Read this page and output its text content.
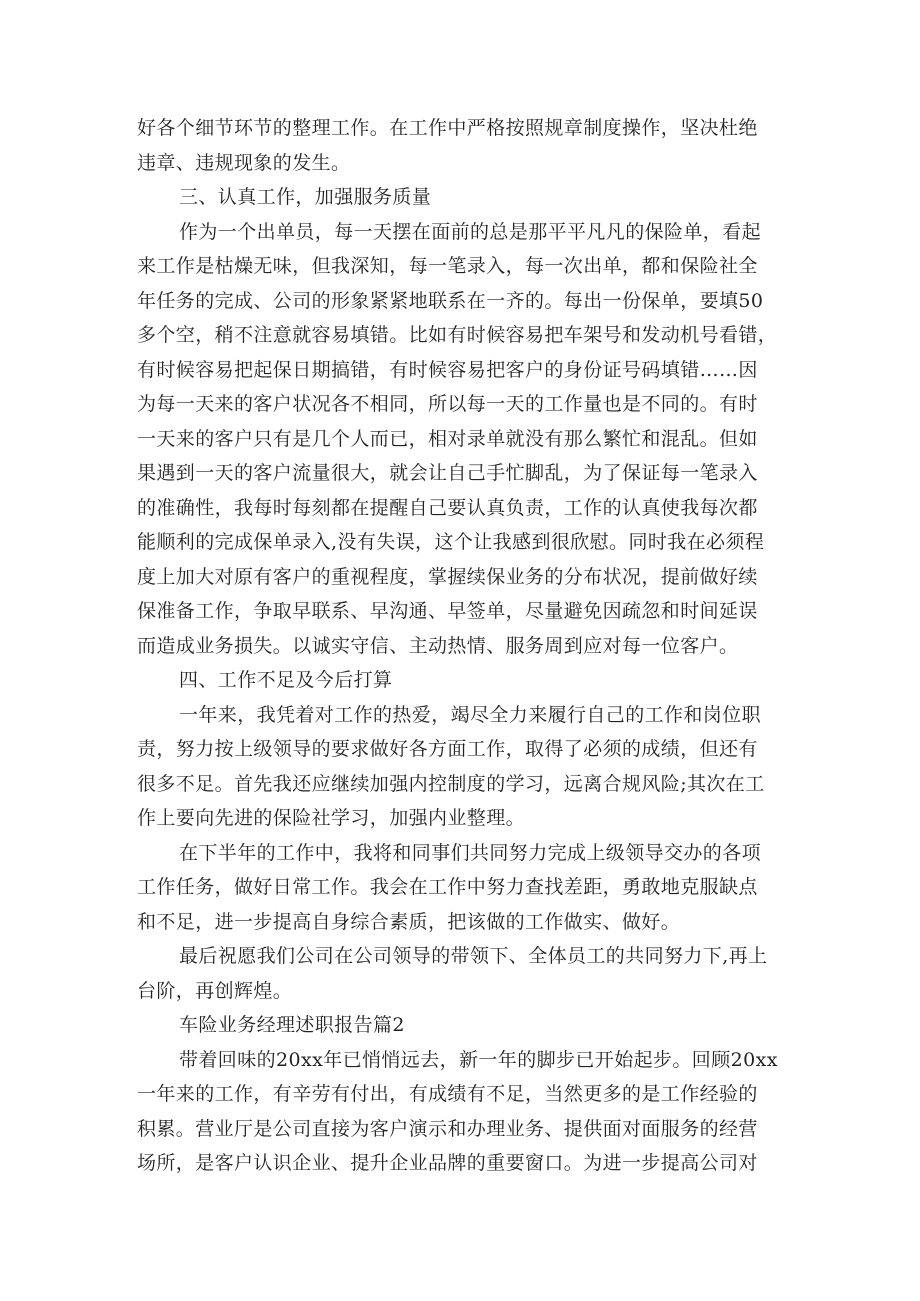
好各个细节环节的整理工作。在工作中严格按照规章制度操作，坚决杜绝
违章、违规现象的发生。
三、认真工作，加强服务质量
作为一个出单员，每一天摆在面前的总是那平平凡凡的保险单，看起
来工作是枯燥无味，但我深知，每一笔录入，每一次出单，都和保险社全
年任务的完成、公司的形象紧紧地联系在一齐的。每出一份保单，要填50
多个空，稍不注意就容易填错。比如有时候容易把车架号和发动机号看错，
有时候容易把起保日期搞错，有时候容易把客户的身份证号码填错……因
为每一天来的客户状况各不相同，所以每一天的工作量也是不同的。有时
一天来的客户只有是几个人而已，相对录单就没有那么繁忙和混乱。但如
果遇到一天的客户流量很大，就会让自己手忙脚乱，为了保证每一笔录入
的准确性，我每时每刻都在提醒自己要认真负责，工作的认真使我每次都
能顺利的完成保单录入,没有失误，这个让我感到很欣慰。同时我在必须程
度上加大对原有客户的重视程度，掌握续保业务的分布状况，提前做好续
保准备工作，争取早联系、早沟通、早签单，尽量避免因疏忽和时间延误
而造成业务损失。以诚实守信、主动热情、服务周到应对每一位客户。
四、工作不足及今后打算
一年来，我凭着对工作的热爱，竭尽全力来履行自己的工作和岗位职
责，努力按上级领导的要求做好各方面工作，取得了必须的成绩，但还有
很多不足。首先我还应继续加强内控制度的学习，远离合规风险;其次在工
作上要向先进的保险社学习，加强内业整理。
在下半年的工作中，我将和同事们共同努力完成上级领导交办的各项
工作任务，做好日常工作。我会在工作中努力查找差距，勇敢地克服缺点
和不足，进一步提高自身综合素质，把该做的工作做实、做好。
最后祝愿我们公司在公司领导的带领下、全体员工的共同努力下,再上
台阶，再创辉煌。
车险业务经理述职报告篇2
带着回味的20xx年已悄悄远去，新一年的脚步已开始起步。回顾20xx
一年来的工作，有辛劳有付出，有成绩有不足，当然更多的是工作经验的
积累。营业厅是公司直接为客户演示和办理业务、提供面对面服务的经营
场所，是客户认识企业、提升企业品牌的重要窗口。为进一步提高公司对
